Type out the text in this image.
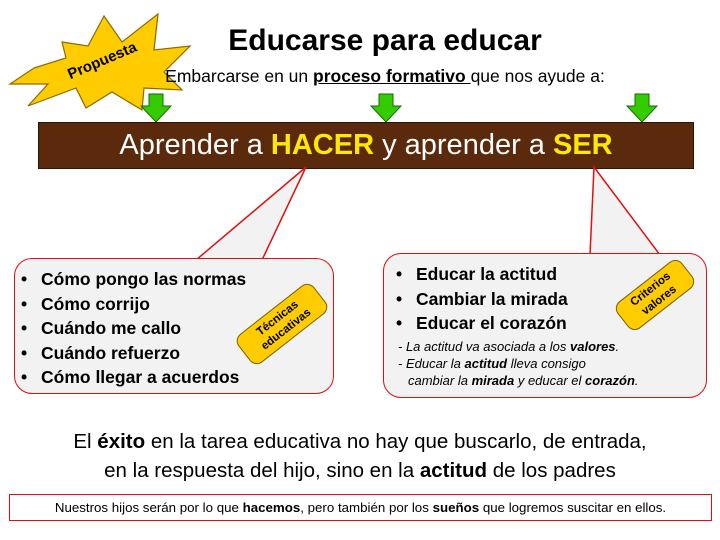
Propuesta	Educarse para educar
Embarcarse en un proceso formativo que nos ayude a:
Aprender a HACER y aprender a SER
• Cómo pongo las normas
• Cómo corrijo
• Cuándo me callo
• Cuándo refuerzo
• Cómo llegar a acuerdos
Técnicas educativas
• Educar la actitud
• Cambiar la mirada
• Educar el corazón
- La actitud va asociada a los valores.
- Educar la actitud lleva consigo
cambiar la mirada y educar el corazón.
Criterios valores
El éxito en la tarea educativa no hay que buscarlo, de entrada,
en la respuesta del hijo, sino en la actitud de los padres
Nuestros hijos serán por lo que hacemos, pero también por los sueños que logremos suscitar en ellos.
